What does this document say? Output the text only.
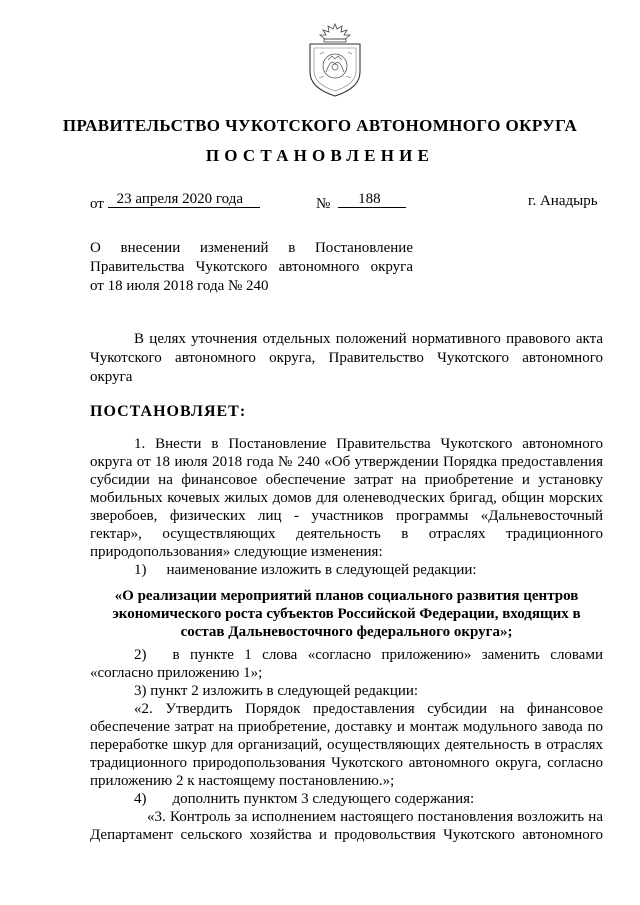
ПРАВИТЕЛЬСТВО ЧУКОТСКОГО АВТОНОМНОГО ОКРУГА
ПОСТАНОВЛЕНИЕ
от 23 апреля 2020 года	№ 188	г. Анадырь
О внесении изменений в Постановление
Правительства Чукотского автономного округа
от 18 июля 2018 года № 240
В целях уточнения отдельных положений нормативного правового акта
Чукотского автономного округа, Правительство Чукотского автономного
округа
ПОСТАНОВЛЯЕТ:
1. Внести в Постановление Правительства Чукотского автономного
округа от 18 июля 2018 года № 240 «Об утверждении Порядка предоставления
субсидии на финансовое обеспечение затрат на приобретение и установку
мобильных кочевых жилых домов для оленеводческих бригад, общин морских
зверобоев, физических лиц - участников программы «Дальневосточный
гектар», осуществляющих деятельность в отраслях традиционного
природопользования» следующие изменения:
1) наименование изложить в следующей редакции:
«О реализации мероприятий планов социального развития центров
экономического роста субъектов Российской Федерации, входящих в
состав Дальневосточного федерального округа»;
2) в пункте 1 слова «согласно приложению» заменить словами
«согласно приложению 1»;
3) пункт 2 изложить в следующей редакции:
«2. Утвердить Порядок предоставления субсидии на финансовое
обеспечение затрат на приобретение, доставку и монтаж модульного завода по
переработке шкур для организаций, осуществляющих деятельность в отраслях
традиционного природопользования Чукотского автономного округа, согласно
приложению 2 к настоящему постановлению.»;
4) дополнить пунктом 3 следующего содержания:
«3. Контроль за исполнением настоящего постановления возложить на
Департамент сельского хозяйства и продовольствия Чукотского автономного
